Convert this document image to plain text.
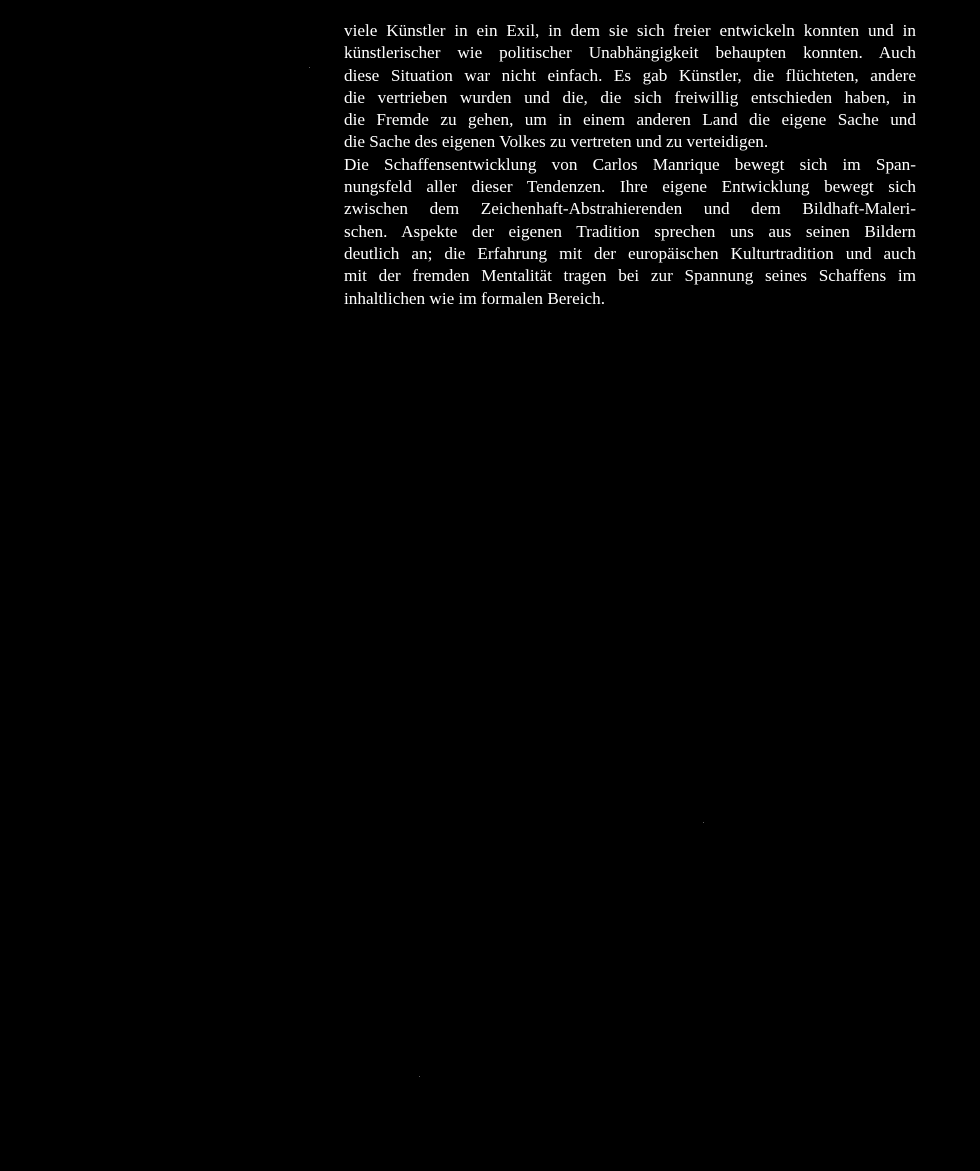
viele Künstler in ein Exil, in dem sie sich freier entwickeln konnten und in
künstlerischer wie politischer Unabhängigkeit behaupten konnten. Auch
diese Situation war nicht einfach. Es gab Künstler, die flüchteten, andere
die vertrieben wurden und die, die sich freiwillig entschieden haben, in
die Fremde zu gehen, um in einem anderen Land die eigene Sache und
die Sache des eigenen Volkes zu vertreten und zu verteidigen.
Die Schaffensentwicklung von Carlos Manrique bewegt sich im Span-
nungsfeld aller dieser Tendenzen. Ihre eigene Entwicklung bewegt sich
zwischen dem Zeichenhaft-Abstrahierenden und dem Bildhaft-Maleri-
schen. Aspekte der eigenen Tradition sprechen uns aus seinen Bildern
deutlich an; die Erfahrung mit der europäischen Kulturtradition und auch
mit der fremden Mentalität tragen bei zur Spannung seines Schaffens im
inhaltlichen wie im formalen Bereich.
